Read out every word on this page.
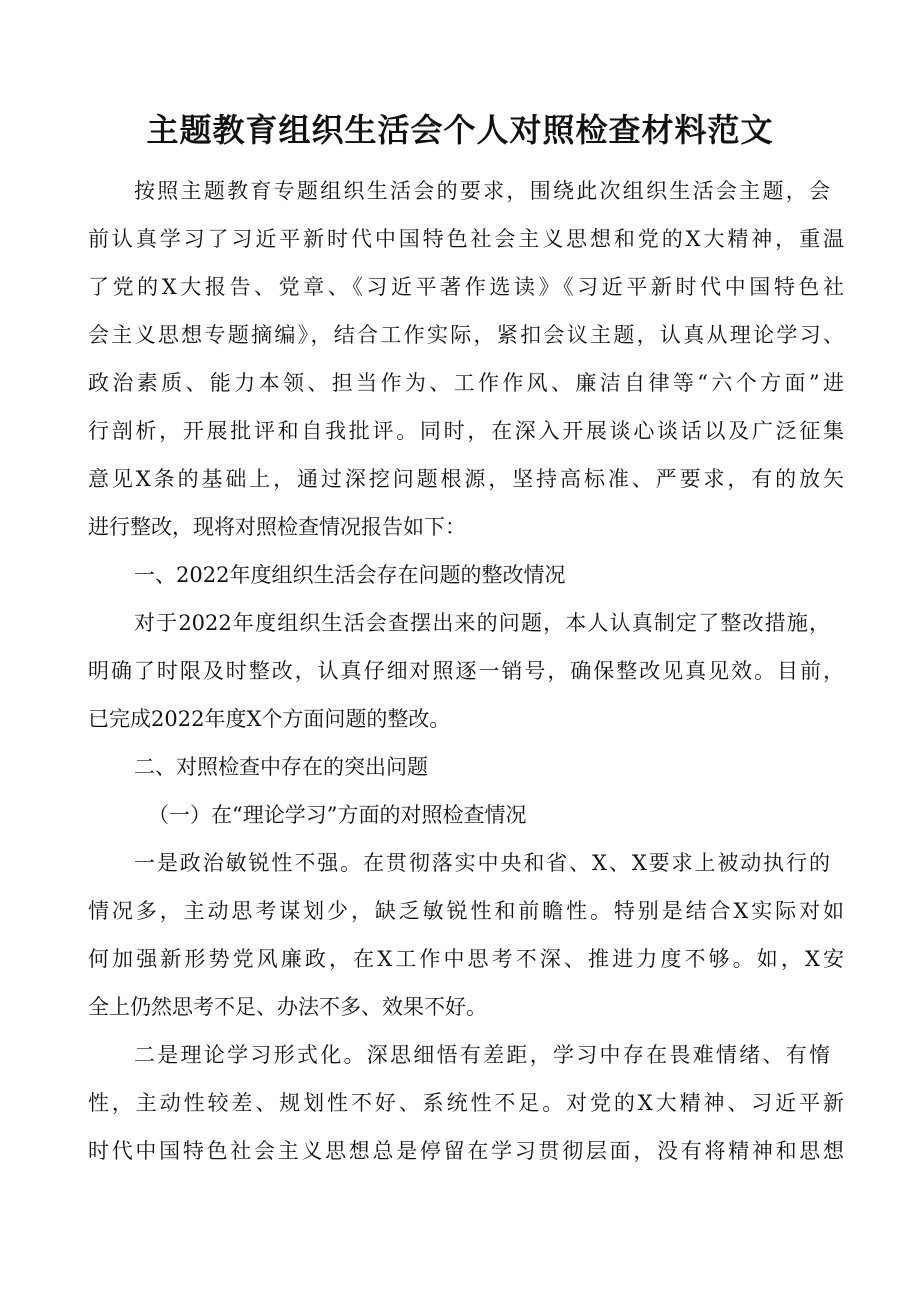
主题教育组织生活会个人对照检查材料范文

按照主题教育专题组织生活会的要求，围绕此次组织生活会主题，会

前认真学习了习近平新时代中国特色社会主义思想和党的X大精神，重温

了党的X大报告、党章、《习近平著作选读》《习近平新时代中国特色社

会主义思想专题摘编》，结合工作实际，紧扣会议主题，认真从理论学习、

政治素质、能力本领、担当作为、工作作风、廉洁自律等“六个方面”进

行剖析，开展批评和自我批评。同时，在深入开展谈心谈话以及广泛征集

意见X条的基础上，通过深挖问题根源，坚持高标准、严要求，有的放矢

进行整改，现将对照检查情况报告如下：

一、2022年度组织生活会存在问题的整改情况

对于2022年度组织生活会查摆出来的问题，本人认真制定了整改措施，

明确了时限及时整改，认真仔细对照逐一销号，确保整改见真见效。目前，

已完成2022年度X个方面问题的整改。

二、对照检查中存在的突出问题

（一）在“理论学习”方面的对照检查情况

一是政治敏锐性不强。在贯彻落实中央和省、X、X要求上被动执行的

情况多，主动思考谋划少，缺乏敏锐性和前瞻性。特别是结合X实际对如

何加强新形势党风廉政，在X工作中思考不深、推进力度不够。如，X安

全上仍然思考不足、办法不多、效果不好。

二是理论学习形式化。深思细悟有差距，学习中存在畏难情绪、有惰

性，主动性较差、规划性不好、系统性不足。对党的X大精神、习近平新

时代中国特色社会主义思想总是停留在学习贯彻层面，没有将精神和思想
